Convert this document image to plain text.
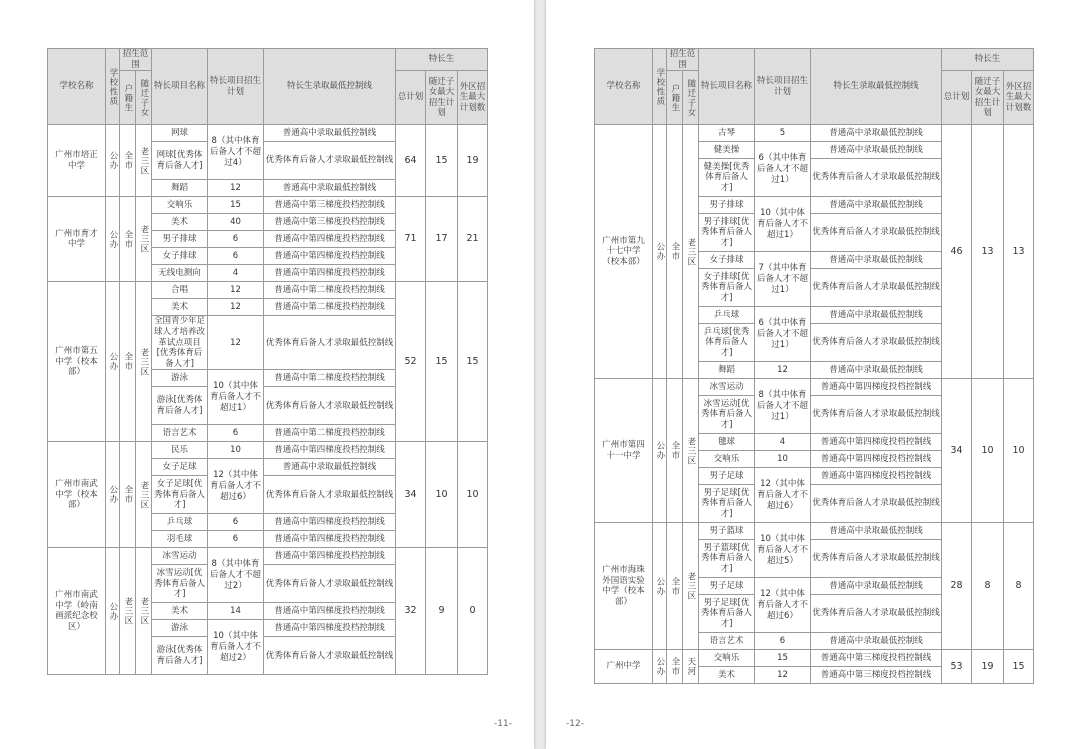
学校名称	学校性质	招生范围		特长项目名称	特长项目招生计划	特长生录取最低控制线	特长生		
		户籍生	随迁子女				总计划	随迁子女最大招生计划	外区招生最大计划数
广州市培正中学	公办	全市	老三区	网球	8（其中体育后备人才不超过4）	普通高中录取最低控制线	64	15	19
				网球[优秀体育后备人才]		优秀体育后备人才录取最低控制线			
				舞蹈	12	普通高中录取最低控制线			
广州市育才中学	公办	全市	老三区	交响乐	15	普通高中第三梯度投档控制线	71	17	21
				美术	40	普通高中第三梯度投档控制线			
				男子排球	6	普通高中第四梯度投档控制线			
				女子排球	6	普通高中第四梯度投档控制线			
				无线电测向	4	普通高中第四梯度投档控制线			
广州市第五中学（校本部）	公办	全市	老三区	合唱	12	普通高中第二梯度投档控制线	52	15	15
				美术	12	普通高中第二梯度投档控制线			
				全国青少年足球人才培养改革试点项目[优秀体育后备人才]	12	优秀体育后备人才录取最低控制线			
				游泳	10（其中体育后备人才不超过1）	普通高中第二梯度投档控制线			
				游泳[优秀体育后备人才]		优秀体育后备人才录取最低控制线			
				语言艺术	6	普通高中第二梯度投档控制线			
广州市南武中学（校本部）	公办	全市	老三区	民乐	10	普通高中第四梯度投档控制线	34	10	10
				女子足球	12（其中体育后备人才不超过6）	普通高中录取最低控制线			
				女子足球[优秀体育后备人才]		优秀体育后备人才录取最低控制线			
				乒乓球	6	普通高中第四梯度投档控制线			
				羽毛球	6	普通高中第四梯度投档控制线			
广州市南武中学（岭南画派纪念校区）	公办	老三区	老三区	冰雪运动	8（其中体育后备人才不超过2）	普通高中第四梯度投档控制线	32	9	0
				冰雪运动[优秀体育后备人才]		优秀体育后备人才录取最低控制线			
				美术	14	普通高中第四梯度投档控制线			
				游泳	10（其中体育后备人才不超过2）	普通高中第四梯度投档控制线			
				游泳[优秀体育后备人才]		优秀体育后备人才录取最低控制线			
-11-
学校名称	学校性质	招生范围		特长项目名称	特长项目招生计划	特长生录取最低控制线	特长生		
		户籍生	随迁子女				总计划	随迁子女最大招生计划	外区招生最大计划数
广州市第九十七中学（校本部）	公办	全市	老三区	古琴	5	普通高中录取最低控制线	46	13	13
				健美操	6（其中体育后备人才不超过1）	普通高中录取最低控制线			
				健美操[优秀体育后备人才]		优秀体育后备人才录取最低控制线			
				男子排球	10（其中体育后备人才不超过1）	普通高中录取最低控制线			
				男子排球[优秀体育后备人才]		优秀体育后备人才录取最低控制线			
				女子排球	7（其中体育后备人才不超过1）	普通高中录取最低控制线			
				女子排球[优秀体育后备人才]		优秀体育后备人才录取最低控制线			
				乒乓球	6（其中体育后备人才不超过1）	普通高中录取最低控制线			
				乒乓球[优秀体育后备人才]		优秀体育后备人才录取最低控制线			
				舞蹈	12	普通高中录取最低控制线			
广州市第四十一中学	公办	全市	老三区	冰雪运动	8（其中体育后备人才不超过1）	普通高中第四梯度投档控制线	34	10	10
				冰雪运动[优秀体育后备人才]		优秀体育后备人才录取最低控制线			
				毽球	4	普通高中第四梯度投档控制线			
				交响乐	10	普通高中第四梯度投档控制线			
				男子足球	12（其中体育后备人才不超过6）	普通高中第四梯度投档控制线			
				男子足球[优秀体育后备人才]		优秀体育后备人才录取最低控制线			
广州市海珠外国语实验中学（校本部）	公办	全市	老三区	男子篮球	10（其中体育后备人才不超过5）	普通高中录取最低控制线	28	8	8
				男子篮球[优秀体育后备人才]		优秀体育后备人才录取最低控制线			
				男子足球	12（其中体育后备人才不超过6）	普通高中录取最低控制线			
				男子足球[优秀体育后备人才]		优秀体育后备人才录取最低控制线			
				语言艺术	6	普通高中录取最低控制线			
广州中学	公办	全市	天河	交响乐	15	普通高中第三梯度投档控制线	53	19	15
				美术	12	普通高中第三梯度投档控制线			
-12-
